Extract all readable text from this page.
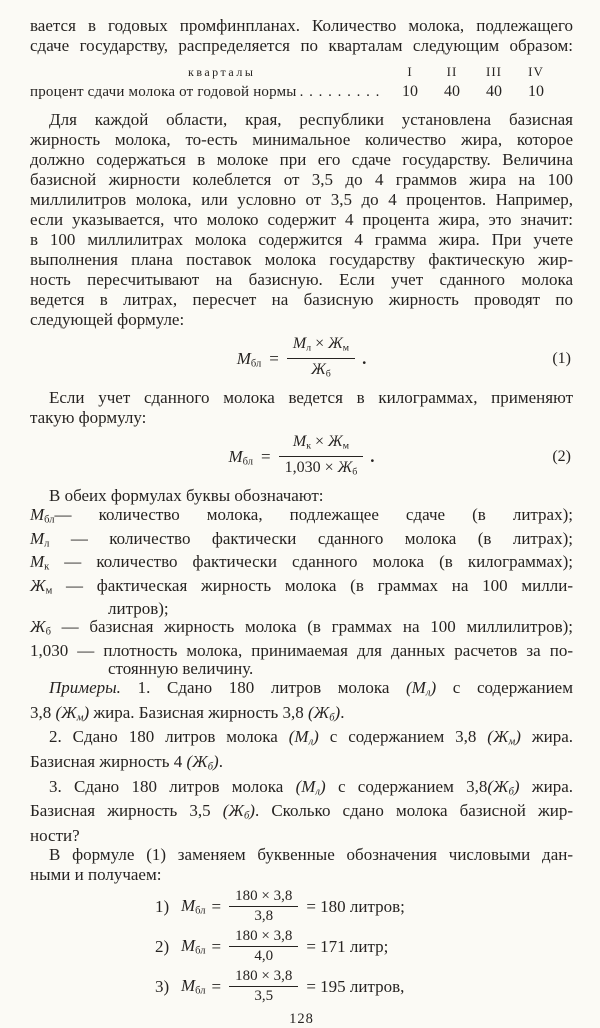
вается в годовых промфинпланах. Количество молока, подлежащего
сдаче государству, распределяется по кварталам следующим образом:
кварталы	I	II	III	IV
процент сдачи молока от годовой нормы . . . . . . . . .	10	40	40	10
Для каждой области, края, республики установлена базисная
жирность молока, то-есть минимальное количество жира, которое
должно содержаться в молоке при его сдаче государству. Величина
базисной жирности колеблется от 3,5 до 4 граммов жира на 100
миллилитров молока, или условно от 3,5 до 4 процентов. Например,
если указывается, что молоко содержит 4 процента жира, это значит:
в 100 миллилитрах молока содержится 4 грамма жира. При учете
выполнения плана поставок молока государству фактическую жир-
ность пересчитывают на базисную. Если учет сданного молока
ведется в литрах, пересчет на базисную жирность проводят по
следующей формуле:
$М_{бл} = \frac{М_л \times Ж_м}{Ж_б}$ .	(1)
Если учет сданного молока ведется в килограммах, применяют
такую формулу:
$М_{бл} = \frac{М_к \times Ж_м}{1,030 \times Ж_б}$ .	(2)
В обеих формулах буквы обозначают:
$М_{бл}—$ количество молока, подлежащее сдаче (в литрах);
$М_л$ — количество фактически сданного молока (в литрах);
$М_к$ — количество фактически сданного молока (в килограммах);
$Ж_м$ — фактическая жирность молока (в граммах на 100 милли-
литров);
$Ж_б$ — базисная жирность молока (в граммах на 100 миллилитров);
1,030 — плотность молока, принимаемая для данных расчетов за по-
стоянную величину.
Примеры. 1. Сдано 180 литров молока $(М_л)$ с содержанием
3,8 $(Ж_м)$ жира. Базисная жирность 3,8 $(Ж_б)$.
2. Сдано 180 литров молока $(М_л)$ с содержанием 3,8 $(Ж_м)$ жира.
Базисная жирность 4 $(Ж_б)$.
3. Сдано 180 литров молока $(М_л)$ с содержанием $3,8(Ж_б)$ жира.
Базисная жирность 3,5 $(Ж_б)$. Сколько сдано молока базисной жир-
ности?
В формуле (1) заменяем буквенные обозначения числовыми дан-
ными и получаем:
1) $М_{бл} = \frac{180 \times 3,8}{3,8} = 180$ литров;
2) $М_{бл} = \frac{180 \times 3,8}{4,0} = 171$ литр;
3) $М_{бл} = \frac{180 \times 3,8}{3,5} = 195$ литров,
128
